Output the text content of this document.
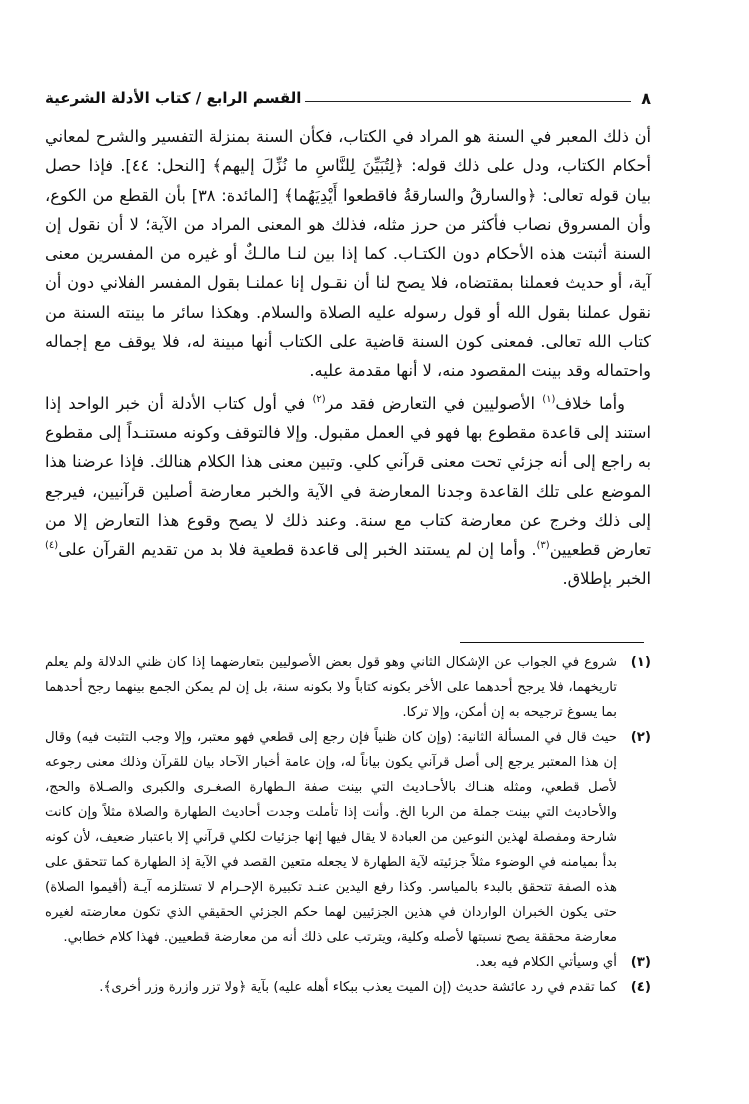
٨
القسم الرابع / كتاب الأدلة الشرعية

أن ذلك المعبر في السنة هو المراد في الكتاب، فكأن السنة بمنزلة التفسير والشرح لمعاني أحكام الكتاب، ودل على ذلك قوله: ﴿لِتُبَيِّنَ لِلنَّاسِ ما نُزِّلَ إليهم﴾ [النحل: ٤٤]. فإذا حصل بيان قوله تعالى: ﴿والسارقُ والسارقةُ فاقطعوا أَيْدِيَهُما﴾ [المائدة: ٣٨] بأن القطع من الكوع، وأن المسروق نصاب فأكثر من حرز مثله، فذلك هو المعنى المراد من الآية؛ لا أن نقول إن السنة أثبتت هذه الأحكام دون الكتـاب. كما إذا بين لنـا مالـكٌ أو غيره من المفسرين معنى آية، أو حديث فعملنا بمقتضاه، فلا يصح لنا أن نقـول إنا عملنـا بقول المفسر الفلاني دون أن نقول عملنا بقول الله أو قول رسوله عليه الصلاة والسلام. وهكذا سائر ما بينته السنة من كتاب الله تعالى. فمعنى كون السنة قاضية على الكتاب أنها مبينة له، فلا يوقف مع إجماله واحتماله وقد بينت المقصود منه، لا أنها مقدمة عليه.

وأما خلاف$^{(١)}$ الأصوليين في التعارض فقد مر$^{(٢)}$ في أول كتاب الأدلة أن خبر الواحد إذا استند إلى قاعدة مقطوع بها فهو في العمل مقبول. وإلا فالتوقف وكونه مستنـداً إلى مقطوع به راجع إلى أنه جزئي تحت معنى قرآني كلي. وتبين معنى هذا الكلام هنالك. فإذا عرضنا هذا الموضع على تلك القاعدة وجدنا المعارضة في الآية والخبر معارضة أصلين قرآنيين، فيرجع إلى ذلك وخرج عن معارضة كتاب مع سنة. وعند ذلك لا يصح وقوع هذا التعارض إلا من تعارض قطعيين$^{(٣)}$. وأما إن لم يستند الخبر إلى قاعدة قطعية فلا بد من تقديم القرآن على$^{(٤)}$ الخبر بإطلاق.

(١)
شروع في الجواب عن الإشكال الثاني وهو قول بعض الأصوليين بتعارضهما إذا كان ظني الدلالة ولم يعلم تاريخهما، فلا يرجح أحدهما على الأخر بكونه كتاباً ولا بكونه سنة، بل إن لم يمكن الجمع بينهما رجح أحدهما بما يسوغ ترجيحه به إن أمكن، وإلا تركا.
(٢)
حيث قال في المسألة الثانية: (وإن كان ظنياً فإن رجع إلى قطعي فهو معتبر، وإلا وجب التثبت فيه) وقال إن هذا المعتبر يرجع إلى أصل قرآني يكون بياناً له، وإن عامة أخبار الآحاد بيان للقرآن وذلك معنى رجوعه لأصل قطعي، ومثله هنـاك بالأحـاديث التي بينت صفة الـطهارة الصغـرى والكبرى والصـلاة والحج، والأحاديث التي بينت جملة من الربا الخ. وأنت إذا تأملت وجدت أحاديث الطهارة والصلاة مثلاً وإن كانت شارحة ومفصلة لهذين النوعين من العبادة لا يقال فيها إنها جزئيات لكلي قرآني إلا باعتبار ضعيف، لأن كونه بدأ بميامنه في الوضوء مثلاً جزئيته لآية الطهارة لا يجعله متعين القصد في الآية إذ الطهارة كما تتحقق على هذه الصفة تتحقق بالبدء بالمياسر. وكذا رفع اليدين عنـد تكبيرة الإحـرام لا تستلزمه آيـة (أقيموا الصلاة) حتى يكون الخبران الواردان في هذين الجزئيين لهما حكم الجزئي الحقيقي الذي تكون معارضته لغيره معارضة محققة يصح نسبتها لأصله وكلية، ويترتب على ذلك أنه من معارضة قطعيين. فهذا كلام خطابي.
(٣)
أي وسيأتي الكلام فيه بعد.
(٤)
كما تقدم في رد عائشة حديث (إن الميت يعذب ببكاء أهله عليه) بآية ﴿ولا تزر وازرة وزر أخرى﴾.
